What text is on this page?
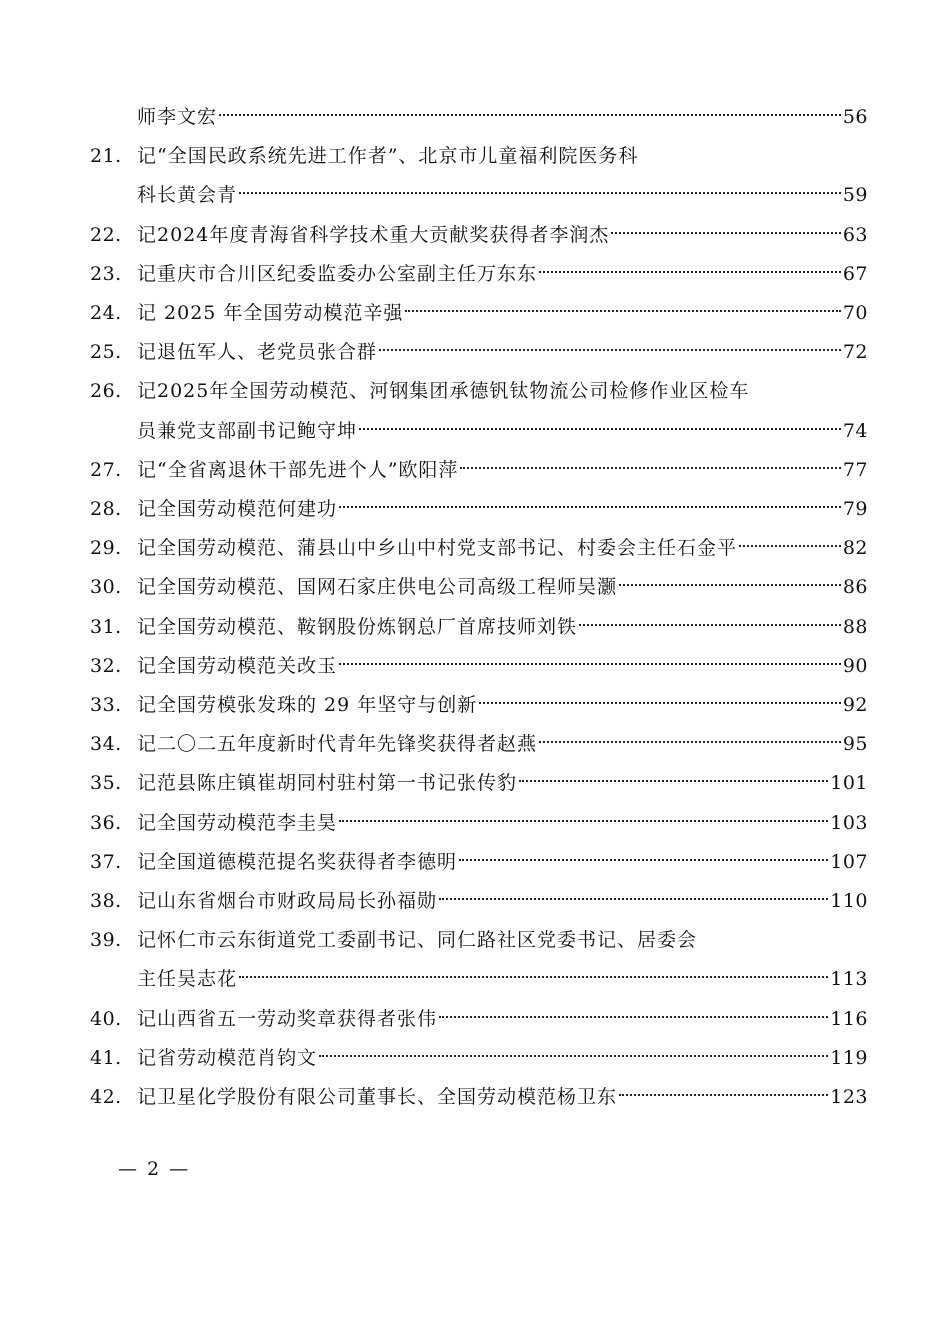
师李文宏	56
21. 记“全国民政系统先进工作者”、北京市儿童福利院医务科
科长黄会青	59
22. 记2024年度青海省科学技术重大贡献奖获得者李润杰	63
23. 记重庆市合川区纪委监委办公室副主任万东东	67
24. 记 2025 年全国劳动模范辛强	70
25. 记退伍军人、老党员张合群	72
26. 记2025年全国劳动模范、河钢集团承德钒钛物流公司检修作业区检车
员兼党支部副书记鲍守坤	74
27. 记“全省离退休干部先进个人”欧阳萍	77
28. 记全国劳动模范何建功	79
29. 记全国劳动模范、蒲县山中乡山中村党支部书记、村委会主任石金平	82
30. 记全国劳动模范、国网石家庄供电公司高级工程师吴灏	86
31. 记全国劳动模范、鞍钢股份炼钢总厂首席技师刘铁	88
32. 记全国劳动模范关改玉	90
33. 记全国劳模张发珠的 29 年坚守与创新	92
34. 记二〇二五年度新时代青年先锋奖获得者赵燕	95
35. 记范县陈庄镇崔胡同村驻村第一书记张传豹	101
36. 记全国劳动模范李圭昊	103
37. 记全国道德模范提名奖获得者李德明	107
38. 记山东省烟台市财政局局长孙福勋	110
39. 记怀仁市云东街道党工委副书记、同仁路社区党委书记、居委会
主任吴志花	113
40. 记山西省五一劳动奖章获得者张伟	116
41. 记省劳动模范肖钧文	119
42. 记卫星化学股份有限公司董事长、全国劳动模范杨卫东	123
— 2 —
